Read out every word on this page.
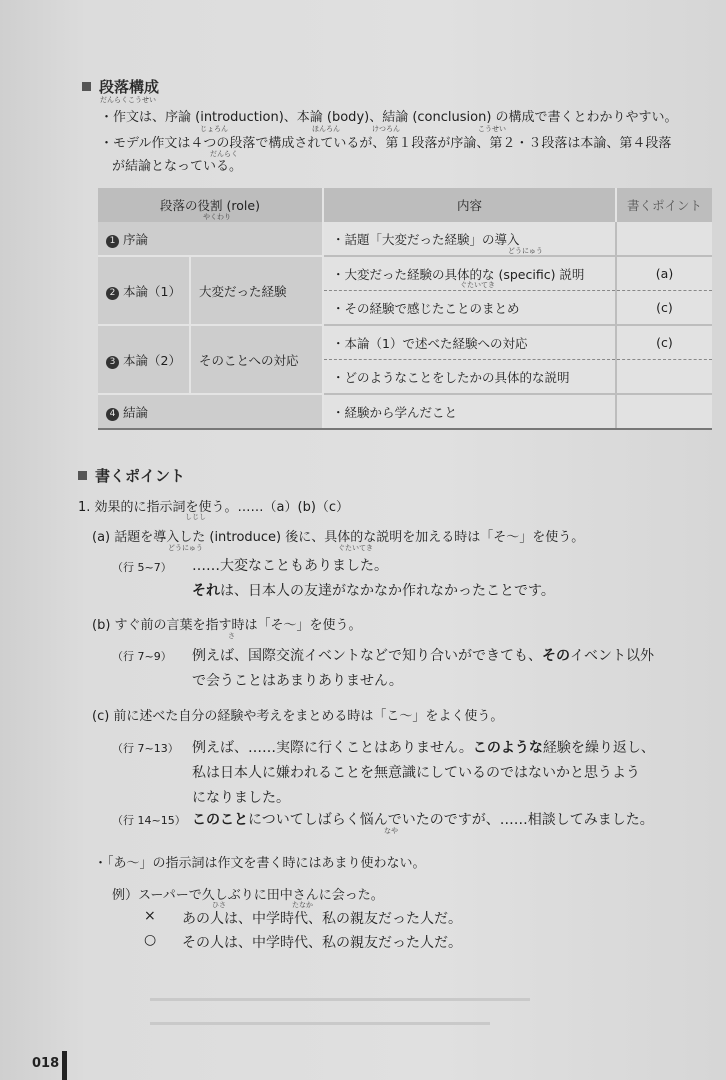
段落構成
だんらくこうせい
・作文は、序論 (introduction)、本論 (body)、結論 (conclusion) の構成で書くとわかりやすい。
じょろん	ほんろん	けつろん	こうせい
・モデル作文は４つの段落で構成されているが、第１段落が序論、第２・３段落は本論、第４段落
だんらく
が結論となっている。
段落の役割 (role)		内容	書くポイント
1 序論		・話題「大変だった経験」の導入	
2 本論（1）	大変だった経験	・大変だった経験の具体的な (specific) 説明	(a)
		・その経験で感じたことのまとめ	(c)
3 本論（2）	そのことへの対応	・本論（1）で述べた経験への対応	(c)
		・どのようなことをしたかの具体的な説明	
4 結論		・経験から学んだこと	
やくわり
どうにゅう
ぐたいてき
書くポイント
1. 効果的に指示詞を使う。……（a）(b)（c）
しじし
(a) 話題を導入した (introduce) 後に、具体的な説明を加える時は「そ～」を使う。
どうにゅう	ぐたいてき
（行 5~7） ……大変なこともありました。
それは、日本人の友達がなかなか作れなかったことです。
(b) すぐ前の言葉を指す時は「そ～」を使う。
さ
（行 7~9） 例えば、国際交流イベントなどで知り合いができても、そのイベント以外
で会うことはあまりありません。
(c) 前に述べた自分の経験や考えをまとめる時は「こ～」をよく使う。
（行 7~13） 例えば、……実際に行くことはありません。このような経験を繰り返し、
私は日本人に嫌われることを無意識にしているのではないかと思うよう
になりました。
（行 14~15） このことについてしばらく悩んでいたのですが、……相談してみました。
なや
・「あ～」の指示詞は作文を書く時にはあまり使わない。
例）スーパーで久しぶりに田中さんに会った。
ひさ	たなか
× あの人は、中学時代、私の親友だった人だ。
○ その人は、中学時代、私の親友だった人だ。
018
